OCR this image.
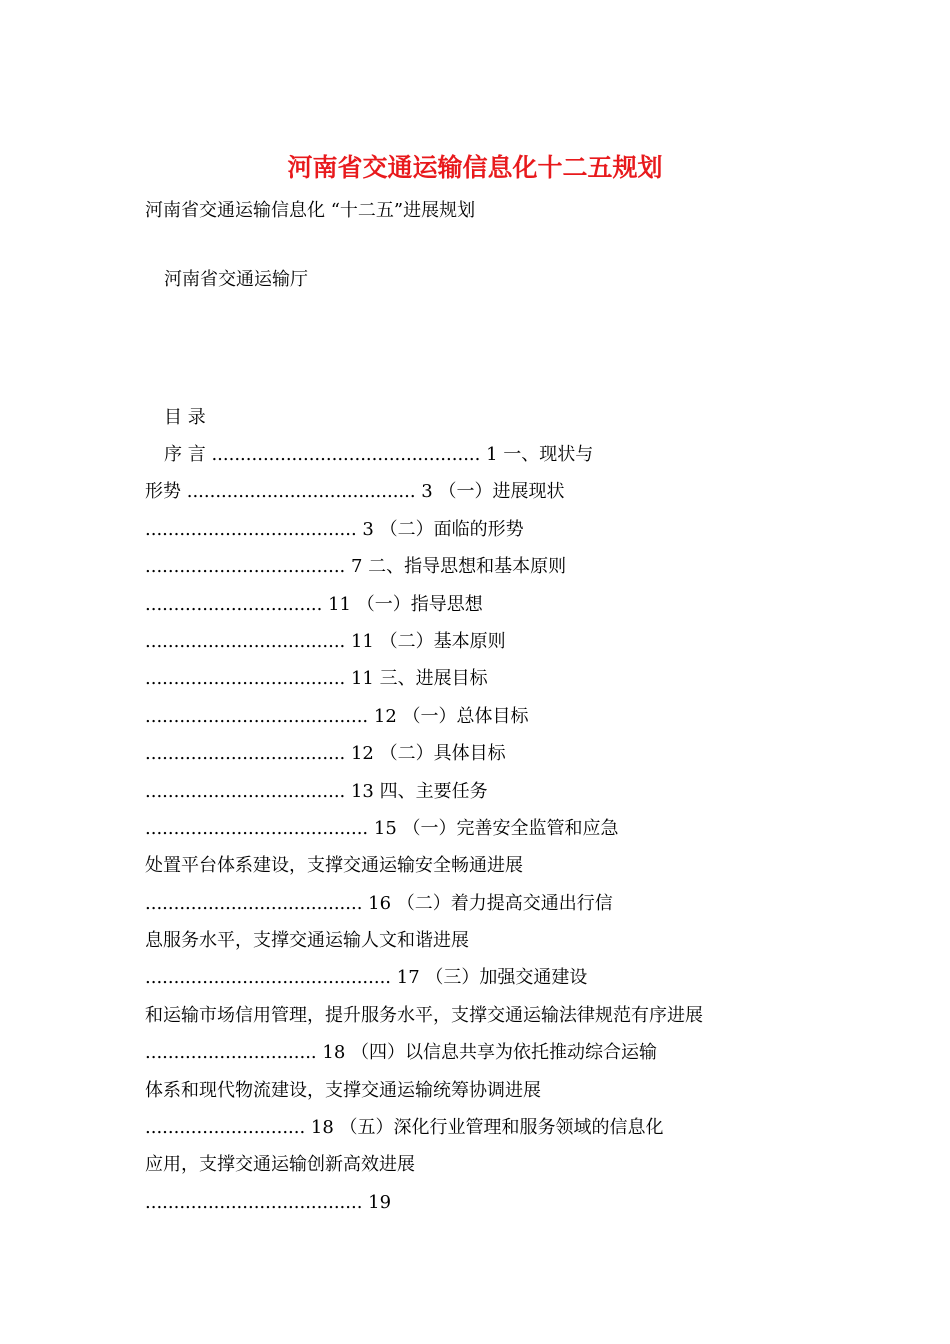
河南省交通运输信息化十二五规划
河南省交通运输信息化 “十二五”进展规划
河南省交通运输厅
目 录
序 言 ............................................... 1 一、现状与
形势 ........................................ 3 （一）进展现状
..................................... 3 （二）面临的形势
................................... 7 二、指导思想和基本原则
............................... 11 （一）指导思想
................................... 11 （二）基本原则
................................... 11 三、进展目标
....................................... 12 （一）总体目标
................................... 12 （二）具体目标
................................... 13 四、主要任务
....................................... 15 （一）完善安全监管和应急
处置平台体系建设，支撑交通运输安全畅通进展
...................................... 16 （二）着力提高交通出行信
息服务水平，支撑交通运输人文和谐进展
........................................... 17 （三）加强交通建设
和运输市场信用管理，提升服务水平，支撑交通运输法律规范有序进展
.............................. 18 （四）以信息共享为依托推动综合运输
体系和现代物流建设，支撑交通运输统筹协调进展
............................ 18 （五）深化行业管理和服务领域的信息化
应用，支撑交通运输创新高效进展
...................................... 19
